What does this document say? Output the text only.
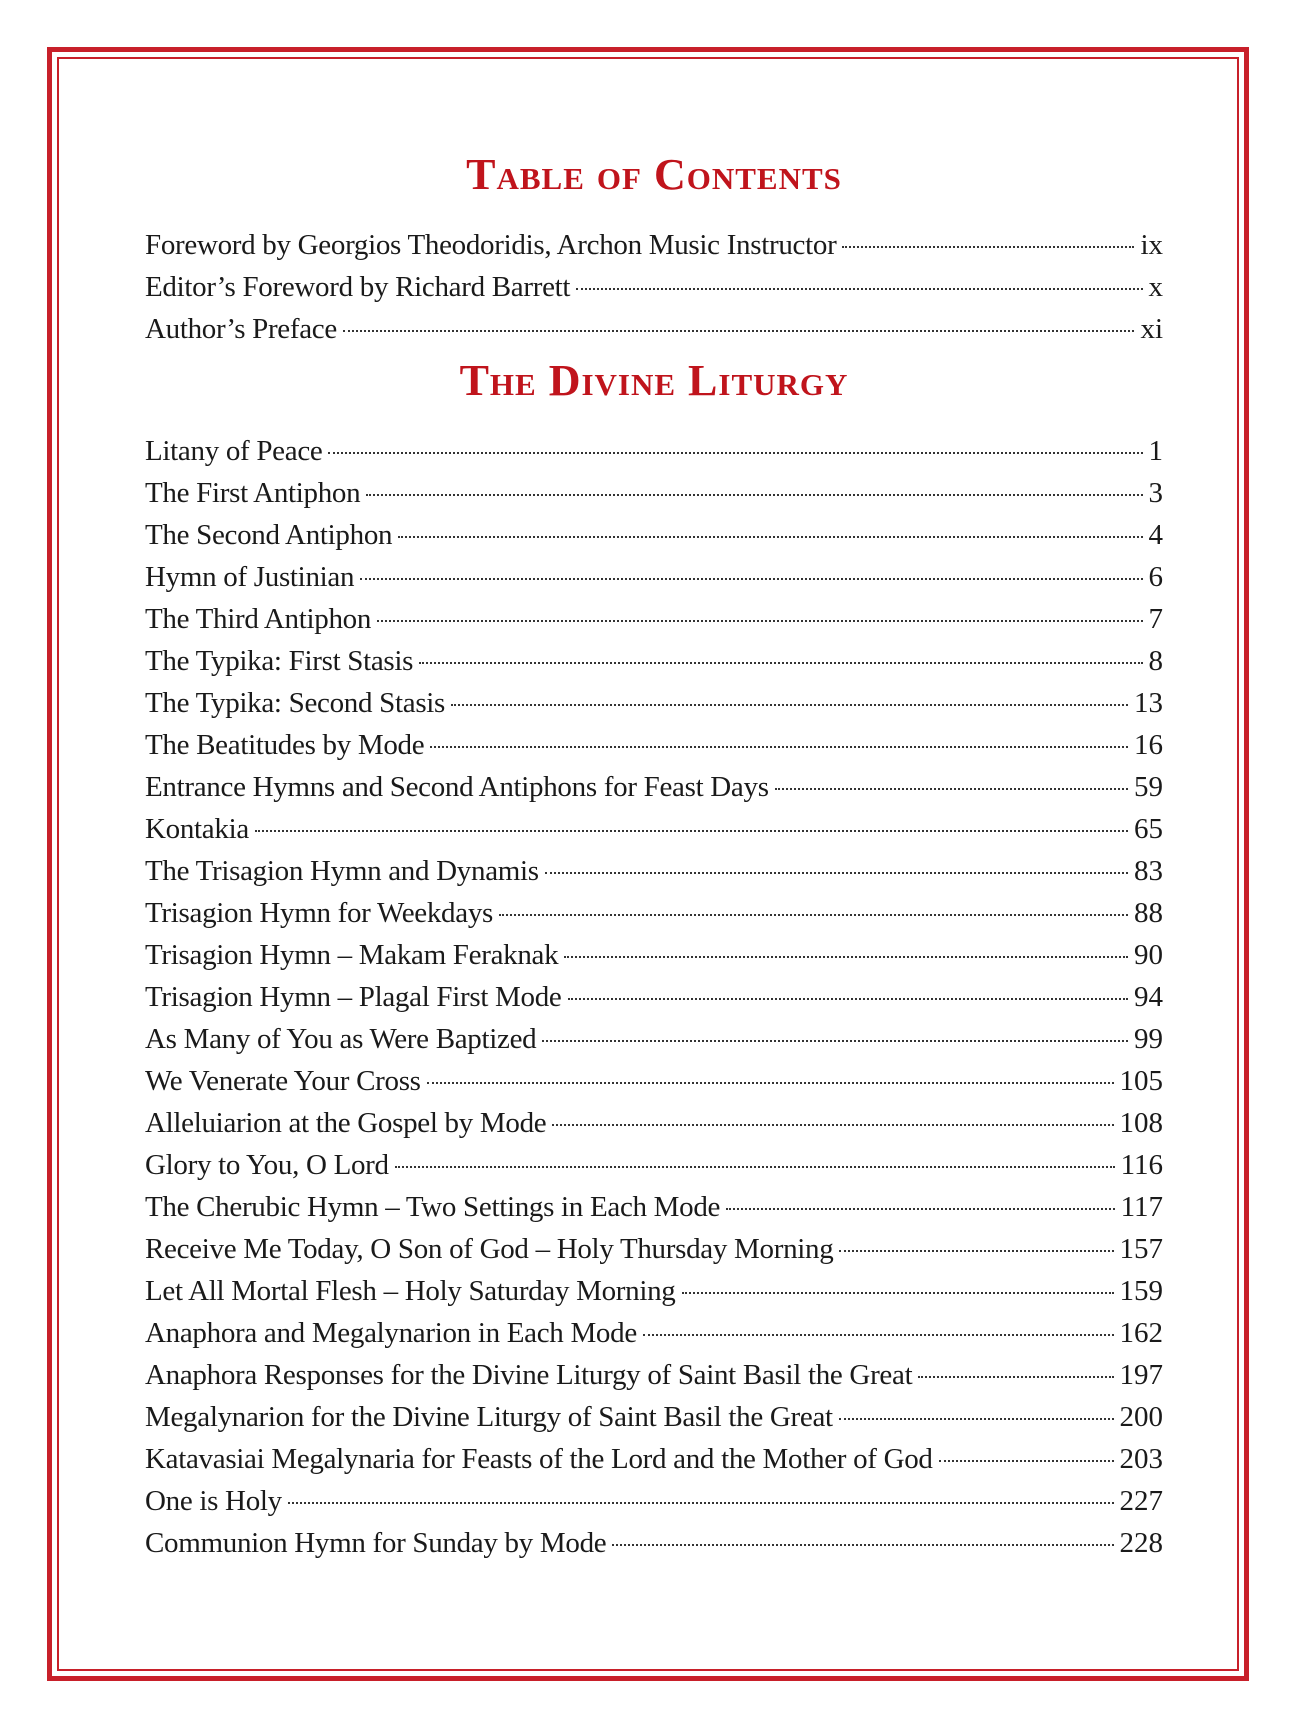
Table of Contents
Foreword by Georgios Theodoridis, Archon Music Instructor	ix
Editor’s Foreword by Richard Barrett	x
Author’s Preface	xi
The Divine Liturgy
Litany of Peace	1
The First Antiphon	3
The Second Antiphon	4
Hymn of Justinian	6
The Third Antiphon	7
The Typika: First Stasis	8
The Typika: Second Stasis	13
The Beatitudes by Mode	16
Entrance Hymns and Second Antiphons for Feast Days	59
Kontakia	65
The Trisagion Hymn and Dynamis	83
Trisagion Hymn for Weekdays	88
Trisagion Hymn – Makam Feraknak	90
Trisagion Hymn – Plagal First Mode	94
As Many of You as Were Baptized	99
We Venerate Your Cross	105
Alleluiarion at the Gospel by Mode	108
Glory to You, O Lord	116
The Cherubic Hymn – Two Settings in Each Mode	117
Receive Me Today, O Son of God – Holy Thursday Morning	157
Let All Mortal Flesh – Holy Saturday Morning	159
Anaphora and Megalynarion in Each Mode	162
Anaphora Responses for the Divine Liturgy of Saint Basil the Great	197
Megalynarion for the Divine Liturgy of Saint Basil the Great	200
Katavasiai Megalynaria for Feasts of the Lord and the Mother of God	203
One is Holy	227
Communion Hymn for Sunday by Mode	228
